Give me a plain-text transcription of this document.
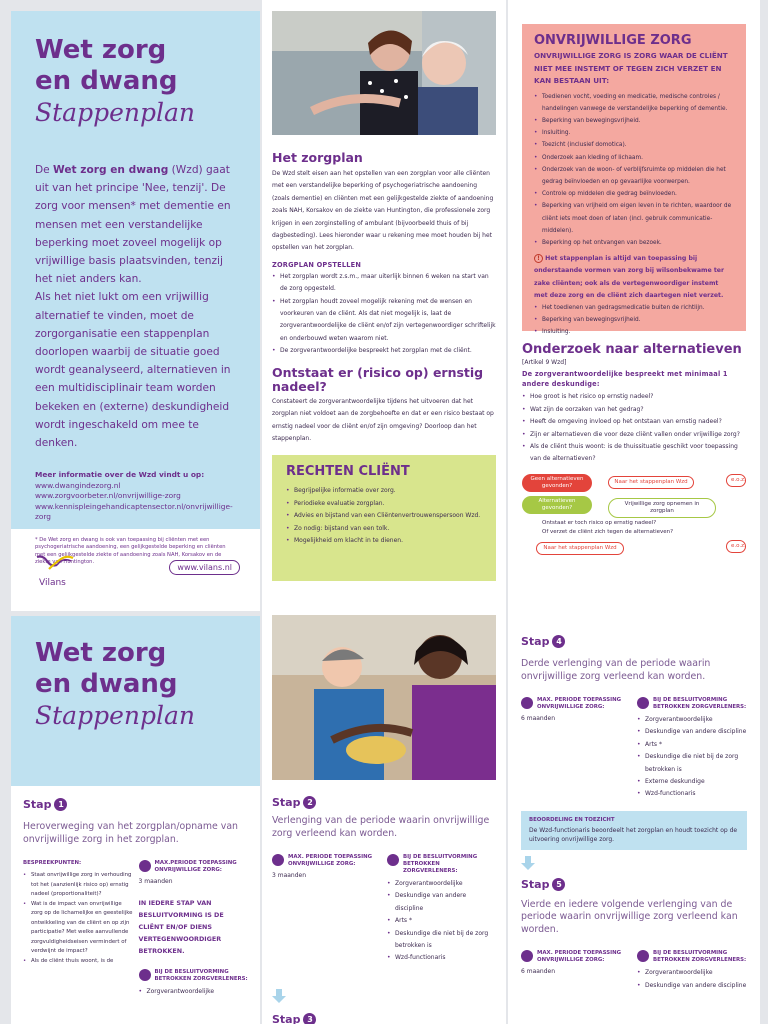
Wet zorg
en dwang
Stappenplan
De Wet zorg en dwang (Wzd) gaat uit van het principe 'Nee, tenzij'. De zorg voor mensen* met dementie en mensen met een verstandelijke beperking moet zoveel mogelijk op vrijwillige basis plaatsvinden, tenzij het niet anders kan.
Als het niet lukt om een vrijwillig alternatief te vinden, moet de zorgorganisatie een stappenplan doorlopen waarbij de situatie goed wordt geanalyseerd, alternatieven in een multidisciplinair team worden bekeken en (externe) deskundigheid wordt ingeschakeld om mee te denken.
Meer informatie over de Wzd vindt u op:
www.dwangindezorg.nl
www.zorgvoorbeter.nl/onvrijwillige-zorg
www.kennispleingehandicaptensector.nl/onvrijwillige-zorg
* De Wet zorg en dwang is ook van toepassing bij cliënten met een psychogeriatrische aandoening, een gelijkgestelde beperking en cliënten met een gelijkgestelde ziekte of aandoening zoals NAH, Korsakov en de ziekte van Huntington.
Vilans
www.vilans.nl
Het zorgplan
De Wzd stelt eisen aan het opstellen van een zorgplan voor alle cliënten met een verstandelijke beperking of psychogeriatrische aandoening (zoals dementie) en cliënten met een gelijkgestelde ziekte of aandoening zoals NAH, Korsakov en de ziekte van Huntington, die professionele zorg krijgen in een zorginstelling of ambulant (bijvoorbeeld thuis of bij dagbesteding). Lees hieronder waar u rekening mee moet houden bij het opstellen van het zorgplan.
ZORGPLAN OPSTELLEN
• Het zorgplan wordt z.s.m., maar uiterlijk binnen 6 weken na start van de zorg opgesteld.
• Het zorgplan houdt zoveel mogelijk rekening met de wensen en voorkeuren van de cliënt. Als dat niet mogelijk is, laat de zorgverantwoordelijke de cliënt en/of zijn vertegenwoordiger schriftelijk en onderbouwd weten waarom niet.
• De zorgverantwoordelijke bespreekt het zorgplan met de cliënt.
Ontstaat er (risico op) ernstig nadeel?
Constateert de zorgverantwoordelijke tijdens het uitvoeren dat het zorgplan niet voldoet aan de zorgbehoefte en dat er een risico bestaat op ernstig nadeel voor de cliënt en/of zijn omgeving? Doorloop dan het stappenplan.
RECHTEN CLIËNT
• Begrijpelijke informatie over zorg.
• Periodieke evaluatie zorgplan.
• Advies en bijstand van een Cliëntenvertrouwenspersoon Wzd.
• Zo nodig: bijstand van een tolk.
• Mogelijkheid om klacht in te dienen.
ONVRIJWILLIGE ZORG
ONVRIJWILLIGE ZORG IS ZORG WAAR DE CLIËNT NIET MEE INSTEMT OF TEGEN ZICH VERZET EN KAN BESTAAN UIT:
• Toedienen vocht, voeding en medicatie, medische controles / handelingen vanwege de verstandelijke beperking of dementie.
• Beperking van bewegingsvrijheid.
• Insluiting.
• Toezicht (inclusief domotica).
• Onderzoek aan kleding of lichaam.
• Onderzoek van de woon- of verblijfsruimte op middelen die het gedrag beïnvloeden en op gevaarlijke voorwerpen.
• Controle op middelen die gedrag beïnvloeden.
• Beperking van vrijheid om eigen leven in te richten, waardoor de cliënt iets moet doen of laten (incl. gebruik communicatie-middelen).
• Beperking op het ontvangen van bezoek.
! Het stappenplan is altijd van toepassing bij onderstaande vormen van zorg bij wilsonbekwame ter zake cliënten; ook als de vertegenwoordiger instemt met deze zorg en de cliënt zich daartegen niet verzet.
• Het toedienen van gedragsmedicatie buiten de richtlijn.
• Beperking van bewegingsvrijheid.
• Insluiting.
Onderzoek naar alternatieven
[Artikel 9 Wzd]
De zorgverantwoordelijke bespreekt met minimaal 1 andere deskundige:
• Hoe groot is het risico op ernstig nadeel?
• Wat zijn de oorzaken van het gedrag?
• Heeft de omgeving invloed op het ontstaan van ernstig nadeel?
• Zijn er alternatieven die voor deze cliënt vallen onder vrijwillige zorg?
• Als de cliënt thuis woont: is de thuissituatie geschikt voor toepassing van de alternatieven?
Geen alternatieven gevonden?
Naar het stappenplan Wzd	e.o.z.
Alternatieven gevonden?
Vrijwillige zorg opnemen in zorgplan
Ontstaat er toch risico op ernstig nadeel?
Of verzet de cliënt zich tegen de alternatieven?
Naar het stappenplan Wzd	e.o.z.
Wet zorg
en dwang
Stappenplan
Stap 1
Heroverweging van het zorgplan/opname van onvrijwillige zorg in het zorgplan.
BESPREEKPUNTEN:
• Staat onvrijwillige zorg in verhouding tot het (aanzienlijk risico op) ernstig nadeel (proportionaliteit)?
• Wat is de impact van onvrijwillige zorg op de lichamelijke en geestelijke ontwikkeling van de cliënt en op zijn participatie? Met welke aanvullende zorgvuldigheidseisen vermindert of verdwijnt de impact?
• Als de cliënt thuis woont, is de
MAX.PERIODE TOEPASSING ONVRIJWILLIGE ZORG:
3 maanden
IN IEDERE STAP VAN BESLUITVORMING IS DE CLIËNT EN/OF DIENS VERTEGENWOORDIGER BETROKKEN.
BIJ DE BESLUITVORMING BETROKKEN ZORGVERLENERS:
• Zorgverantwoordelijke
Stap 2
Verlenging van de periode waarin onvrijwillige zorg verleend kan worden.
MAX. PERIODE TOEPASSING ONVRIJWILLIGE ZORG:
3 maanden
BIJ DE BESLUITVORMING BETROKKEN ZORGVERLENERS:
• Zorgverantwoordelijke
• Deskundige van andere discipline
• Arts *
• Deskundige die niet bij de zorg betrokken is
• Wzd-functionaris
Stap 3
Stap 4
Derde verlenging van de periode waarin onvrijwillige zorg verleend kan worden.
MAX. PERIODE TOEPASSING ONVRIJWILLIGE ZORG:
6 maanden
BIJ DE BESLUITVORMING BETROKKEN ZORGVERLENERS:
• Zorgverantwoordelijke
• Deskundige van andere discipline
• Arts *
• Deskundige die niet bij de zorg betrokken is
• Externe deskundige
• Wzd-functionaris
BEOORDELING EN TOEZICHT
De Wzd-functionaris beoordeelt het zorgplan en houdt toezicht op de uitvoering onvrijwillige zorg.
Stap 5
Vierde en iedere volgende verlenging van de periode waarin onvrijwillige zorg verleend kan worden.
MAX. PERIODE TOEPASSING ONVRIJWILLIGE ZORG:
6 maanden
BIJ DE BESLUITVORMING BETROKKEN ZORGVERLENERS:
• Zorgverantwoordelijke
• Deskundige van andere discipline
